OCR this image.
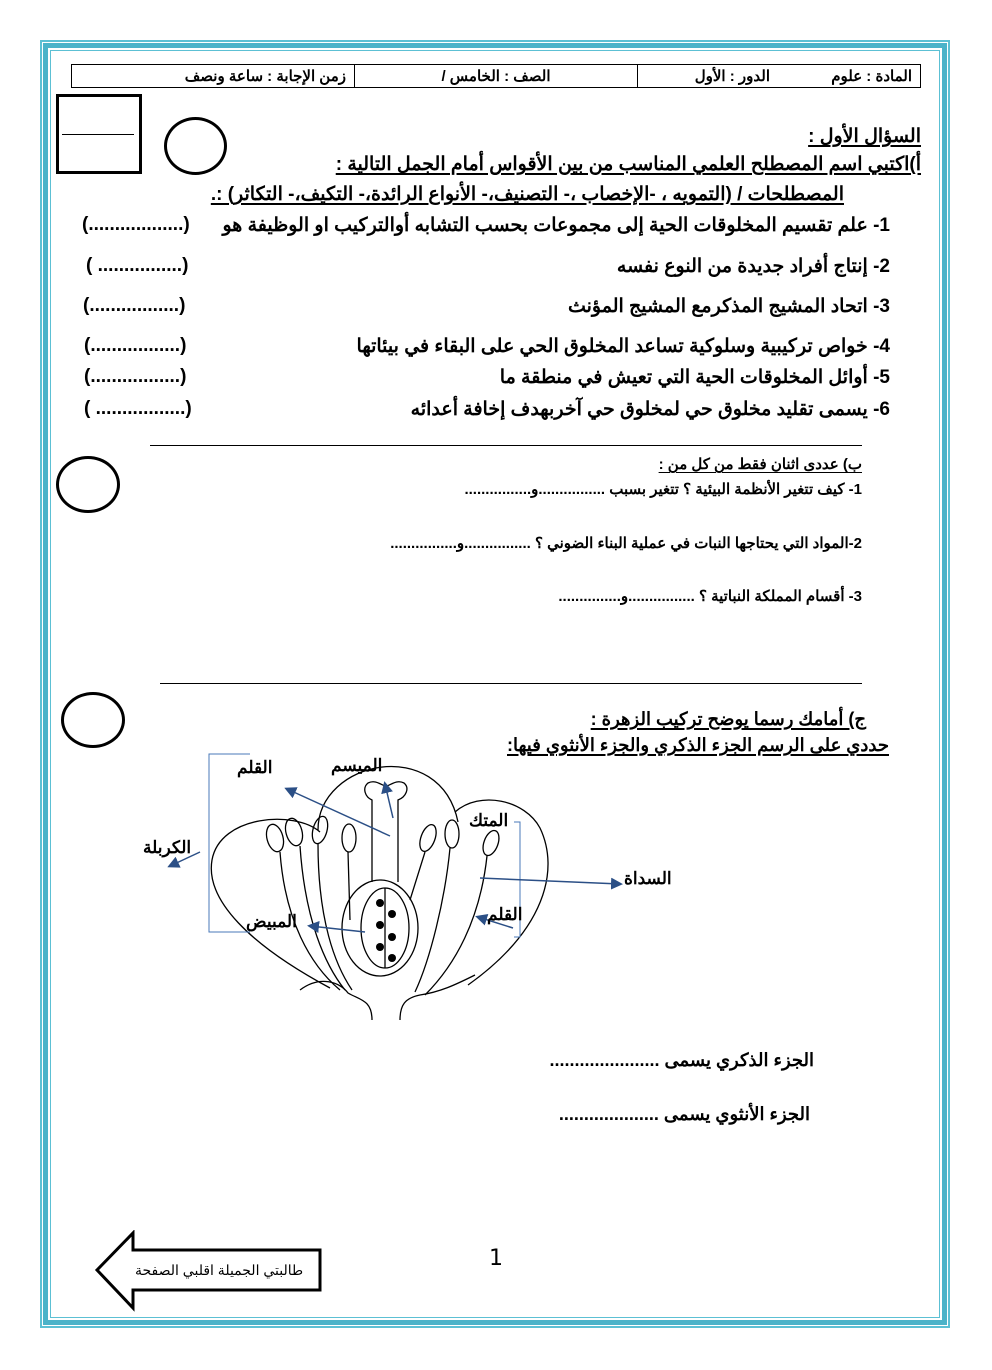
المادة : علوم
الدور : الأول
الصف : الخامس /
زمن الإجابة : ساعة ونصف
السؤال الأول :
أ)اكتبي اسم المصطلح العلمي المناسب من بين الأقواس أمام الجمل التالية :
المصطلحات / (التمويه ، -الإخصاب ،- التصنيف،- الأنواع الرائدة،- التكيف،- التكاثر) :.
1- علم تقسيم المخلوقات الحية إلى مجموعات بحسب التشابه أوالتركيب او الوظيفة هو
(..................)
2- إنتاج أفراد جديدة من النوع نفسه
( ................)
3- اتحاد المشيج المذكرمع المشيج المؤنث
(.................)
4- خواص تركيبية وسلوكية تساعد المخلوق الحي على البقاء في بيئاتها
(.................)
5- أوائل المخلوقات الحية التي تعيش في منطقة ما
(.................)
6- يسمى تقليد مخلوق حي لمخلوق حي آخربهدف إخافة أعدائه
( .................)
ب) عددى اثنان فقط من كل من :
1- كيف تتغير الأنظمة البيئية ؟ تتغير بسبب ................و................
2-المواد التي يحتاجها النبات في عملية البناء الضوني ؟ ................و................
3- أقسام المملكة النباتية ؟ ................و...............
ج) أمامك رسما يوضح تركيب الزهرة :
حددي على الرسم الجزء الذكري والجزء الأنثوي فيها:
القلم	الميسم
الكربلة
المتك
السداة
المبيض	القلم
الجزء الذكري يسمى ......................
الجزء الأنثوي يسمى ....................
1
طالبتي الجميلة اقلبي الصفحة
